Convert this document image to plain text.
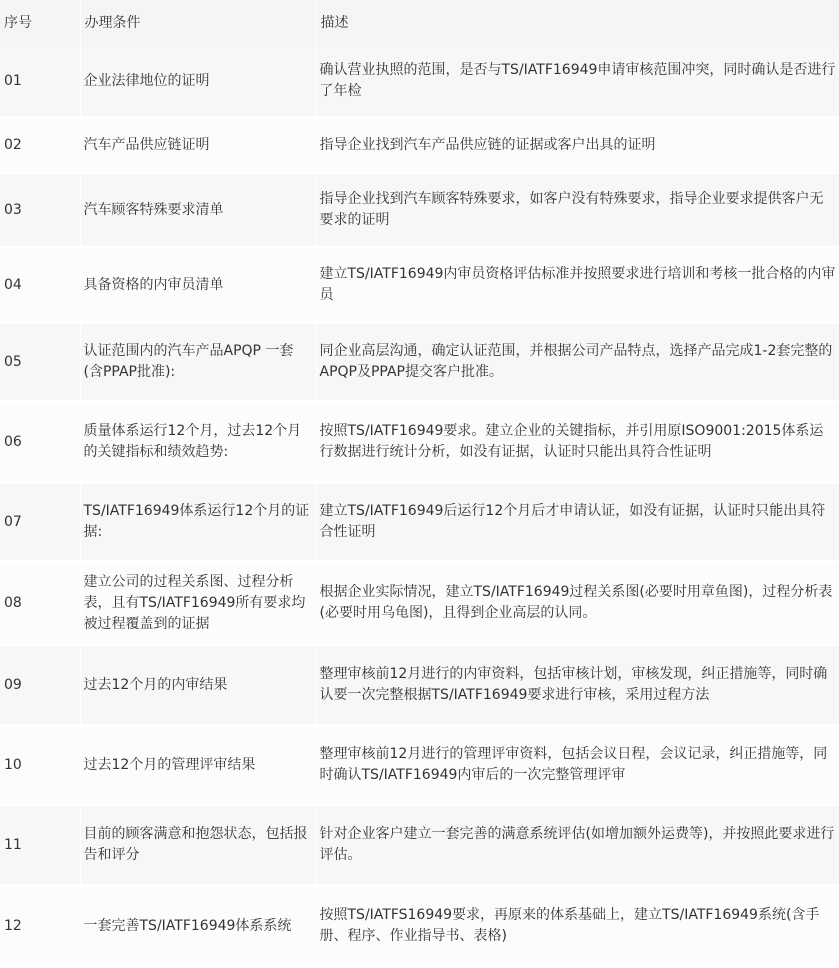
序号	办理条件	描述
01	企业法律地位的证明	确认营业执照的范围，是否与TS/IATF16949申请审核范围冲突，同时确认是否进行了年检
02	汽车产品供应链证明	指导企业找到汽车产品供应链的证据或客户出具的证明
03	汽车顾客特殊要求清单	指导企业找到汽车顾客特殊要求，如客户没有特殊要求，指导企业要求提供客户无要求的证明
04	具备资格的内审员清单	建立TS/IATF16949内审员资格评估标准并按照要求进行培训和考核一批合格的内审员
05	认证范围内的汽车产品APQP 一套(含PPAP批准):	同企业高层沟通，确定认证范围，并根据公司产品特点，选择产品完成1-2套完整的APQP及PPAP提交客户批准。
06	质量体系运行12个月，过去12个月的关键指标和绩效趋势:	按照TS/IATF16949要求。建立企业的关键指标，并引用原ISO9001:2015体系运行数据进行统计分析，如没有证据，认证时只能出具符合性证明
07	TS/IATF16949体系运行12个月的证据:	建立TS/IATF16949后运行12个月后才申请认证，如没有证据，认证时只能出具符合性证明
08	建立公司的过程关系图、过程分析表，且有TS/IATF16949所有要求均被过程覆盖到的证据	根据企业实际情况，建立TS/IATF16949过程关系图(必要时用章鱼图)，过程分析表(必要时用乌龟图)，且得到企业高层的认同。
09	过去12个月的内审结果	整理审核前12月进行的内审资料，包括审核计划，审核发现，纠正措施等，同时确认要一次完整根据TS/IATF16949要求进行审核，采用过程方法
10	过去12个月的管理评审结果	整理审核前12月进行的管理评审资料，包括会议日程，会议记录，纠正措施等，同时确认TS/IATF16949内审后的一次完整管理评审
11	目前的顾客满意和抱怨状态，包括报告和评分	针对企业客户建立一套完善的满意系统评估(如增加额外运费等)，并按照此要求进行评估。
12	一套完善TS/IATF16949体系系统	按照TS/IATFS16949要求，再原来的体系基础上，建立TS/IATF16949系统(含手册、程序、作业指导书、表格)
